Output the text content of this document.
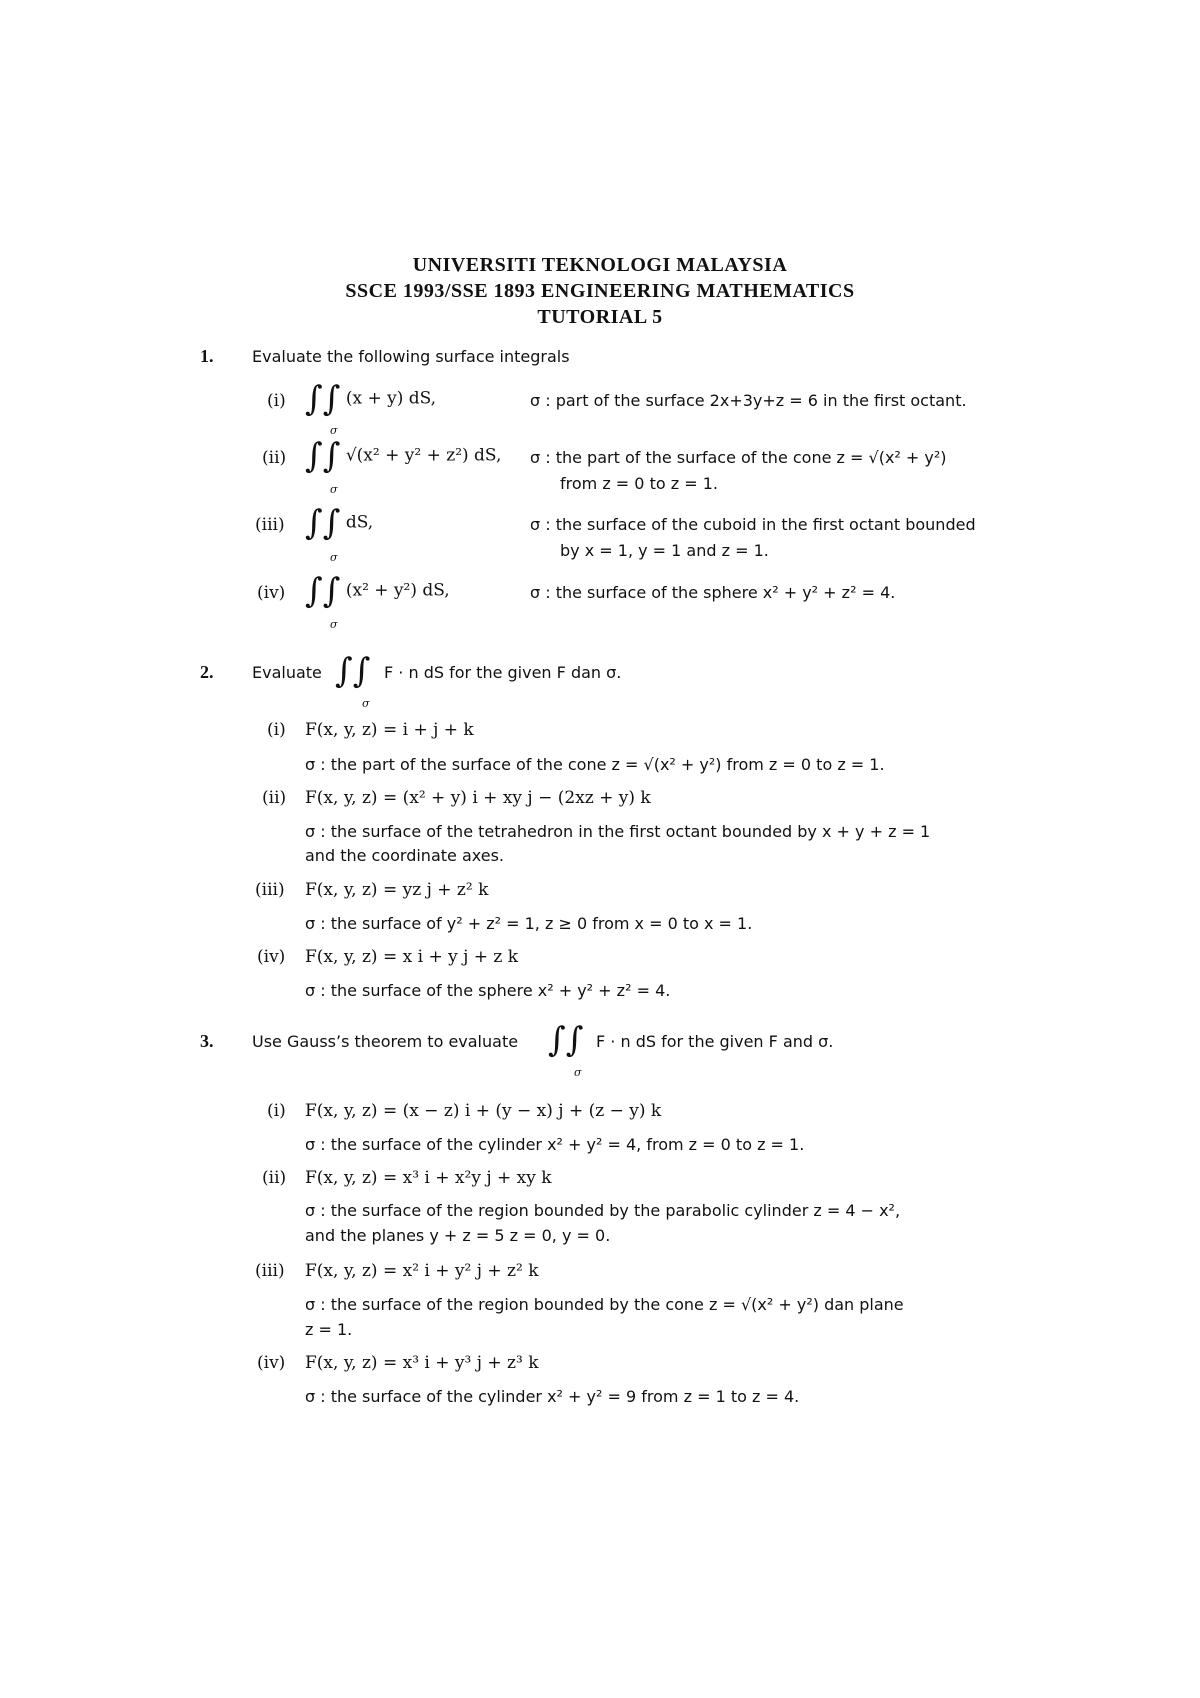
UNIVERSITI TEKNOLOGI MALAYSIA
SSCE 1993/SSE 1893 ENGINEERING MATHEMATICS
TUTORIAL 5
1. Evaluate the following surface integrals
(i) ∫∫ (x + y) dS,
σ
σ : part of the surface 2x+3y+z = 6 in the first octant.
(ii) ∫∫ √(x² + y² + z²) dS,
σ
σ : the part of the surface of the cone z = √(x² + y²)
from z = 0 to z = 1.
(iii) ∫∫ dS,
σ
σ : the surface of the cuboid in the first octant bounded
by x = 1, y = 1 and z = 1.
(iv) ∫∫ (x² + y²) dS,
σ
σ : the surface of the sphere x² + y² + z² = 4.
2. Evaluate ∫∫
σ
F · n dS for the given F dan σ.
(i) F(x, y, z) = i + j + k
σ : the part of the surface of the cone z = √(x² + y²) from z = 0 to z = 1.
(ii) F(x, y, z) = (x² + y) i + xy j − (2xz + y) k
σ : the surface of the tetrahedron in the first octant bounded by x + y + z = 1
and the coordinate axes.
(iii) F(x, y, z) = yz j + z² k
σ : the surface of y² + z² = 1, z ≥ 0 from x = 0 to x = 1.
(iv) F(x, y, z) = x i + y j + z k
σ : the surface of the sphere x² + y² + z² = 4.
3. Use Gauss’s theorem to evaluate ∫∫
σ
F · n dS for the given F and σ.
(i) F(x, y, z) = (x − z) i + (y − x) j + (z − y) k
σ : the surface of the cylinder x² + y² = 4, from z = 0 to z = 1.
(ii) F(x, y, z) = x³ i + x²y j + xy k
σ : the surface of the region bounded by the parabolic cylinder z = 4 − x²,
and the planes y + z = 5 z = 0, y = 0.
(iii) F(x, y, z) = x² i + y² j + z² k
σ : the surface of the region bounded by the cone z = √(x² + y²) dan plane
z = 1.
(iv) F(x, y, z) = x³ i + y³ j + z³ k
σ : the surface of the cylinder x² + y² = 9 from z = 1 to z = 4.
